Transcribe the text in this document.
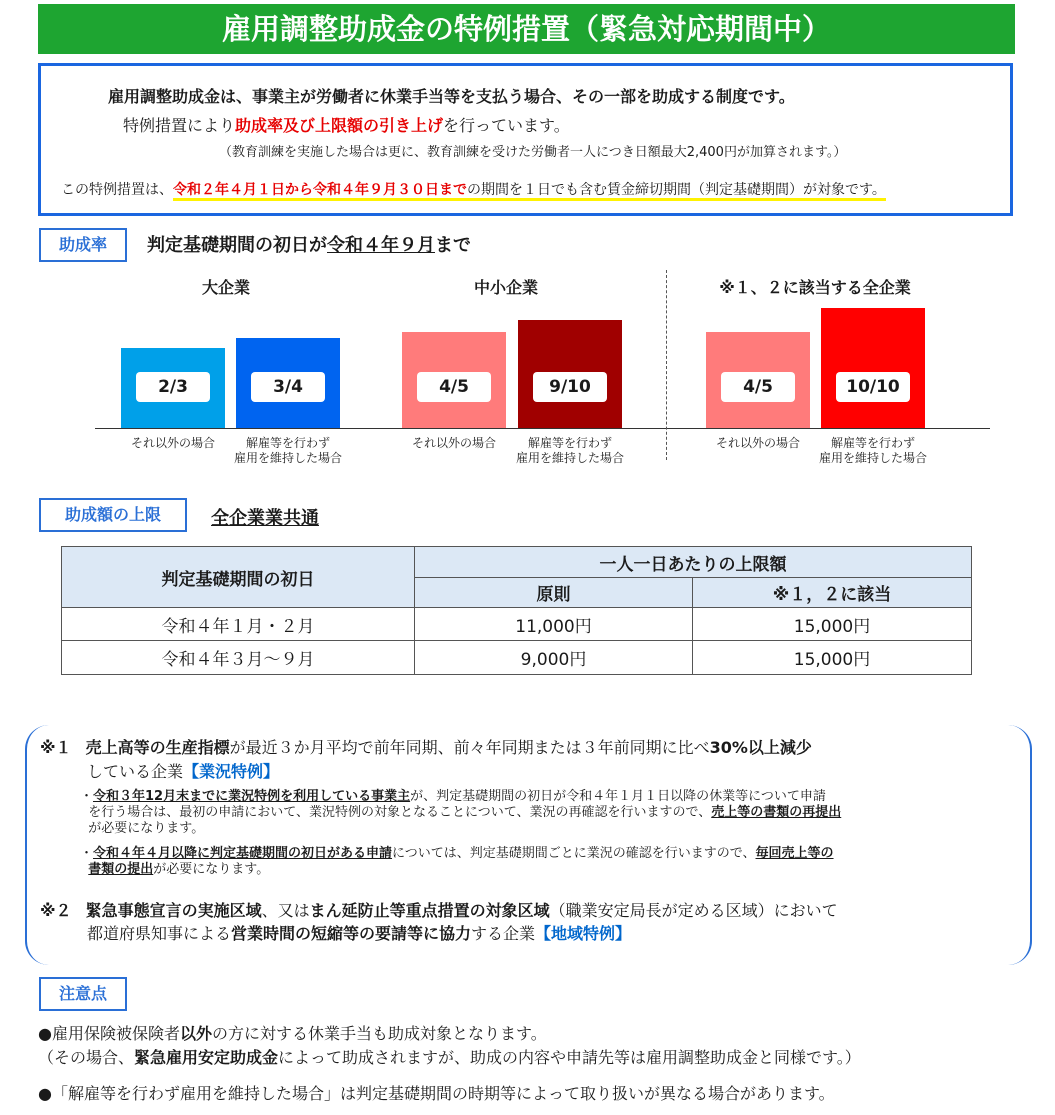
雇用調整助成金の特例措置（緊急対応期間中）
雇用調整助成金は、事業主が労働者に休業手当等を支払う場合、その一部を助成する制度です。
特例措置により助成率及び上限額の引き上げを行っています。
（教育訓練を実施した場合は更に、教育訓練を受けた労働者一人につき日額最大2,400円が加算されます。）
この特例措置は、令和２年４月１日から令和４年９月３０日までの期間を１日でも含む賃金締切期間（判定基礎期間）が対象です。
助成率	判定基礎期間の初日が令和４年９月まで
大企業
2/3
それ以外の場合
3/4
解雇等を行わず
雇用を維持した場合
中小企業
4/5
それ以外の場合
9/10
解雇等を行わず
雇用を維持した場合
※１、２に該当する全企業
4/5
それ以外の場合
10/10
解雇等を行わず
雇用を維持した場合
助成額の上限	全企業業共通
判定基礎期間の初日	一人一日あたりの上限額	
	原則	※１，２に該当
令和４年１月・２月	11,000円	15,000円
令和４年３月～９月	9,000円	15,000円
※１ 売上高等の生産指標が最近３か月平均で前年同期、前々年同期または３年前同期に比べ30%以上減少
している企業【業況特例】
・令和３年12月末までに業況特例を利用している事業主が、判定基礎期間の初日が令和４年１月１日以降の休業等について申請
を行う場合は、最初の申請において、業況特例の対象となることについて、業況の再確認を行いますので、売上等の書類の再提出
が必要になります。
・令和４年４月以降に判定基礎期間の初日がある申請については、判定基礎期間ごとに業況の確認を行いますので、毎回売上等の
書類の提出が必要になります。
※２ 緊急事態宣言の実施区域、又はまん延防止等重点措置の対象区域（職業安定局長が定める区域）において
都道府県知事による営業時間の短縮等の要請等に協力する企業【地域特例】
注意点
●雇用保険被保険者以外の方に対する休業手当も助成対象となります。
（その場合、緊急雇用安定助成金によって助成されますが、助成の内容や申請先等は雇用調整助成金と同様です。）
●「解雇等を行わず雇用を維持した場合」は判定基礎期間の時期等によって取り扱いが異なる場合があります。
